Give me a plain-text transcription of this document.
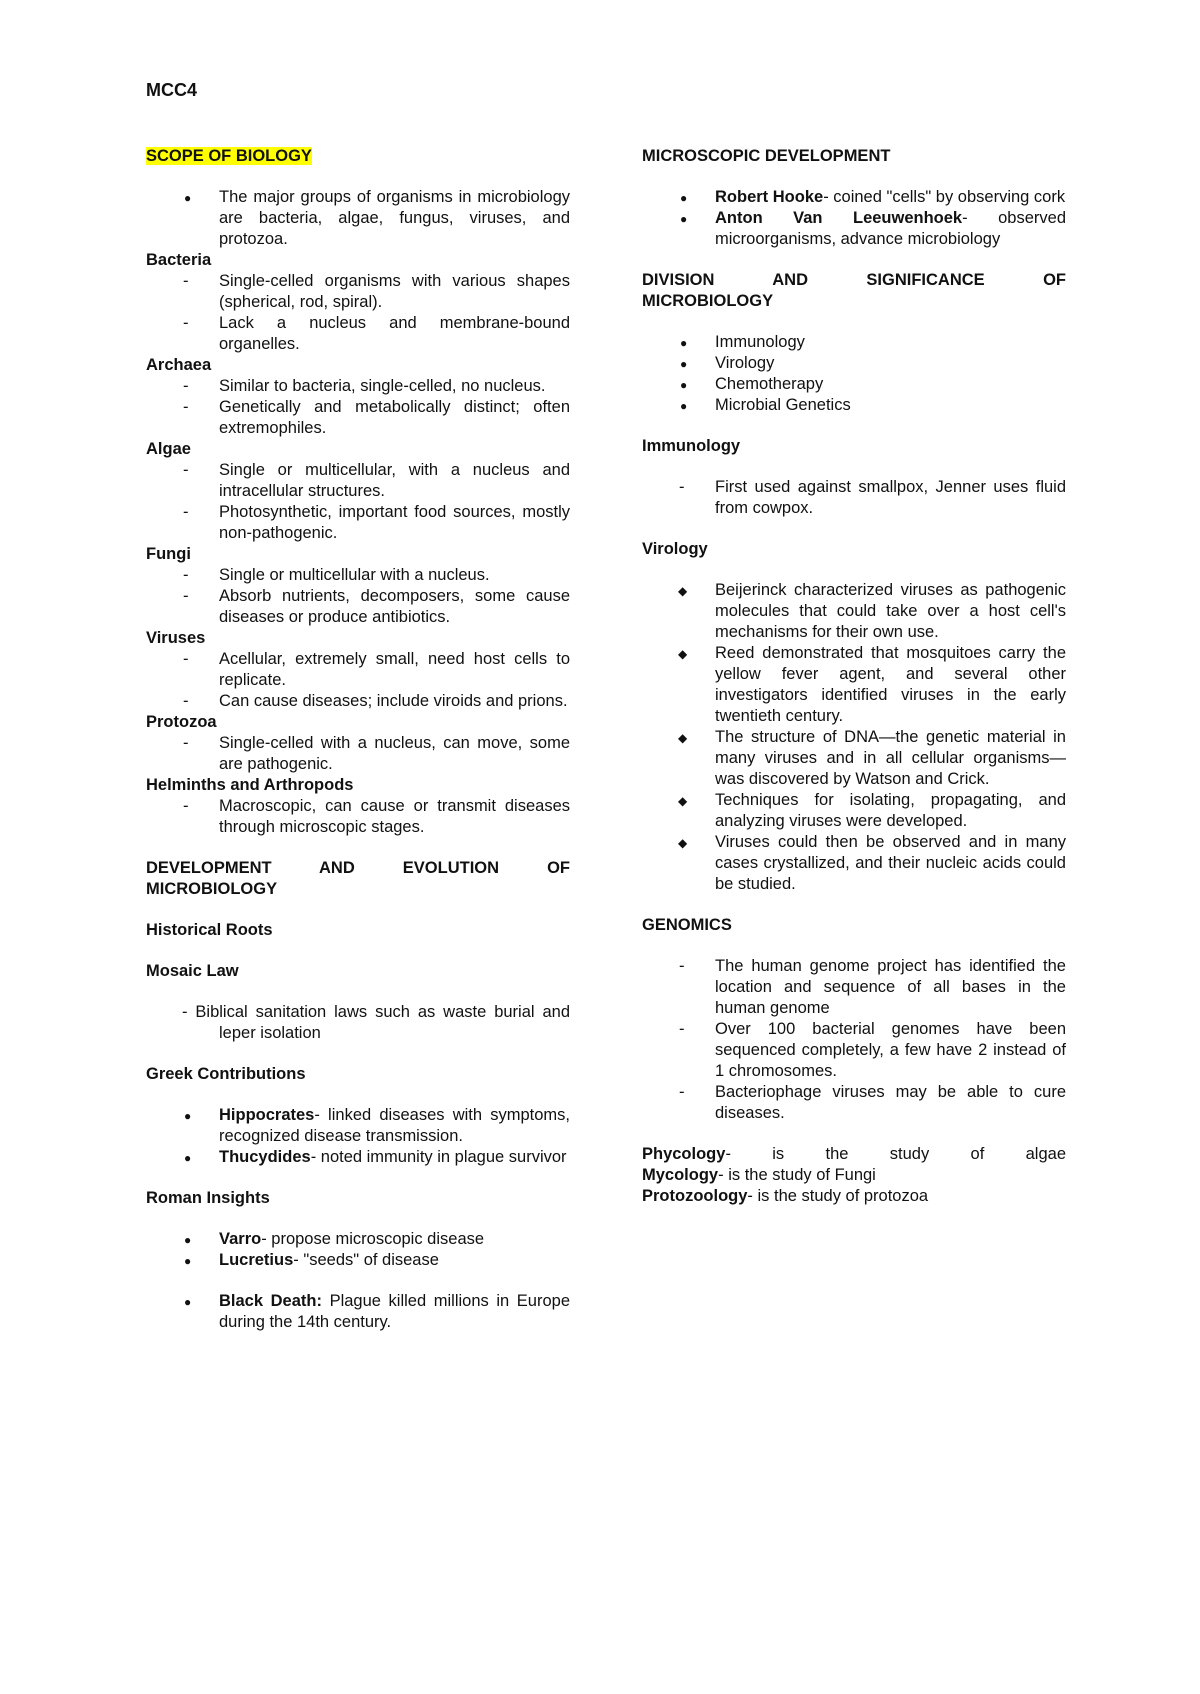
MCC4
SCOPE OF BIOLOGY
● The major groups of organisms in microbiology are bacteria, algae, fungus, viruses, and protozoa.
Bacteria
- Single-celled organisms with various shapes (spherical, rod, spiral).
- Lack a nucleus and membrane-bound organelles.
Archaea
- Similar to bacteria, single-celled, no nucleus.
- Genetically and metabolically distinct; often extremophiles.
Algae
- Single or multicellular, with a nucleus and intracellular structures.
- Photosynthetic, important food sources, mostly non-pathogenic.
Fungi
- Single or multicellular with a nucleus.
- Absorb nutrients, decomposers, some cause diseases or produce antibiotics.
Viruses
- Acellular, extremely small, need host cells to replicate.
- Can cause diseases; include viroids and prions.
Protozoa
- Single-celled with a nucleus, can move, some are pathogenic.
Helminths and Arthropods
- Macroscopic, can cause or transmit diseases through microscopic stages.
DEVELOPMENT AND EVOLUTION OF
MICROBIOLOGY
Historical Roots
Mosaic Law
- Biblical sanitation laws such as waste burial and leper isolation
Greek Contributions
● Hippocrates- linked diseases with symptoms, recognized disease transmission.
● Thucydides- noted immunity in plague survivor
Roman Insights
● Varro- propose microscopic disease
● Lucretius- "seeds" of disease
● Black Death: Plague killed millions in Europe during the 14th century.
MICROSCOPIC DEVELOPMENT
● Robert Hooke- coined "cells" by observing cork
● Anton Van Leeuwenhoek- observed microorganisms, advance microbiology
DIVISION AND SIGNIFICANCE OF
MICROBIOLOGY
● Immunology
● Virology
● Chemotherapy
● Microbial Genetics
Immunology
- First used against smallpox, Jenner uses fluid from cowpox.
Virology
◆ Beijerinck characterized viruses as pathogenic molecules that could take over a host cell's mechanisms for their own use.
◆ Reed demonstrated that mosquitoes carry the yellow fever agent, and several other investigators identified viruses in the early twentieth century.
◆ The structure of DNA—the genetic material in many viruses and in all cellular organisms—was discovered by Watson and Crick.
◆ Techniques for isolating, propagating, and analyzing viruses were developed.
◆ Viruses could then be observed and in many cases crystallized, and their nucleic acids could be studied.
GENOMICS
- The human genome project has identified the location and sequence of all bases in the human genome
- Over 100 bacterial genomes have been sequenced completely, a few have 2 instead of 1 chromosomes.
- Bacteriophage viruses may be able to cure diseases.
Phycology- is the study of algae
Mycology- is the study of Fungi
Protozoology- is the study of protozoa
